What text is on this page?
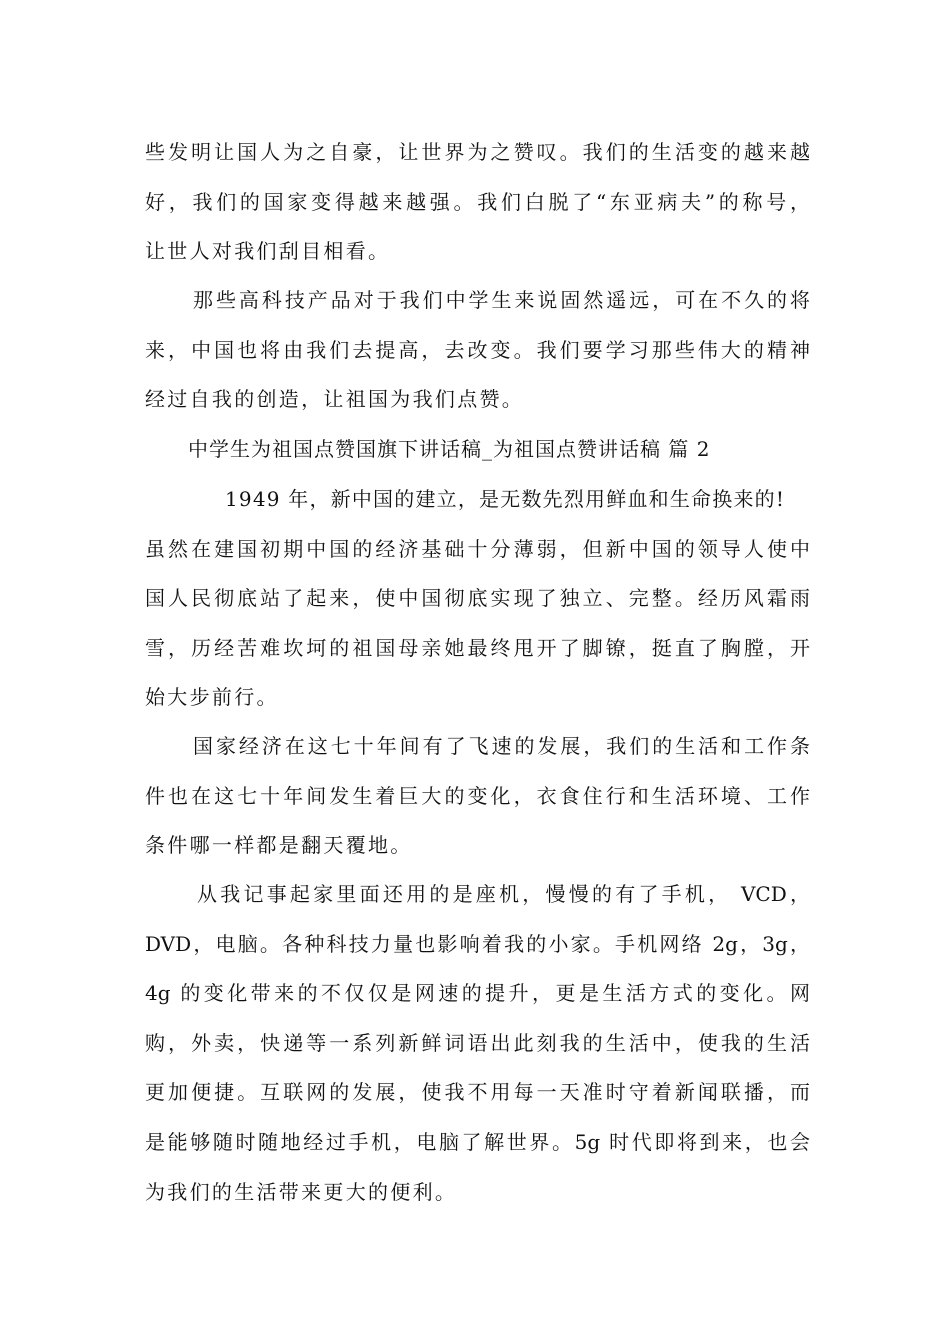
些发明让国人为之自豪，让世界为之赞叹。我们的生活变的越来越
好，我们的国家变得越来越强。我们白脱了“东亚病夫”的称号，
让世人对我们刮目相看。
那些高科技产品对于我们中学生来说固然遥远，可在不久的将
来，中国也将由我们去提高，去改变。我们要学习那些伟大的精神
经过自我的创造，让祖国为我们点赞。
中学生为祖国点赞国旗下讲话稿_为祖国点赞讲话稿 篇 2
1949 年，新中国的建立，是无数先烈用鲜血和生命换来的!
虽然在建国初期中国的经济基础十分薄弱，但新中国的领导人使中
国人民彻底站了起来，使中国彻底实现了独立、完整。经历风霜雨
雪，历经苦难坎坷的祖国母亲她最终甩开了脚镣，挺直了胸膛，开
始大步前行。
国家经济在这七十年间有了飞速的发展，我们的生活和工作条
件也在这七十年间发生着巨大的变化，衣食住行和生活环境、工作
条件哪一样都是翻天覆地。
从我记事起家里面还用的是座机，慢慢的有了手机， VCD，
DVD，电脑。各种科技力量也影响着我的小家。手机网络 2g，3g，
4g 的变化带来的不仅仅是网速的提升，更是生活方式的变化。网
购，外卖，快递等一系列新鲜词语出此刻我的生活中，使我的生活
更加便捷。互联网的发展，使我不用每一天准时守着新闻联播，而
是能够随时随地经过手机，电脑了解世界。5g 时代即将到来，也会
为我们的生活带来更大的便利。
